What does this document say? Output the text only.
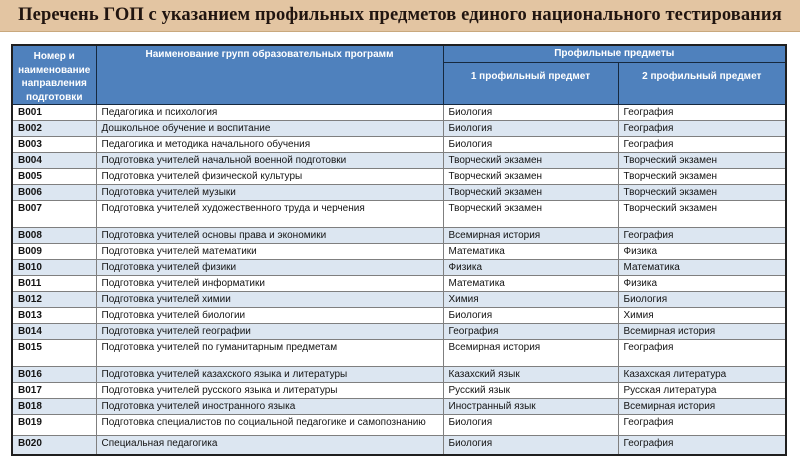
Перечень ГОП с указанием профильных предметов единого национального тестирования
Номер и наименование направления подготовки	Наименование групп образовательных программ	Профильные предметы	
		1 профильный предмет	2 профильный предмет
B001	Педагогика и психология	Биология	География
B002	Дошкольное обучение и воспитание	Биология	География
B003	Педагогика и методика начального обучения	Биология	География
B004	Подготовка учителей начальной военной подготовки	Творческий экзамен	Творческий экзамен
B005	Подготовка учителей физической культуры	Творческий экзамен	Творческий экзамен
B006	Подготовка учителей музыки	Творческий экзамен	Творческий экзамен
B007	Подготовка учителей художественного труда и черчения	Творческий экзамен	Творческий экзамен
B008	Подготовка учителей основы права и экономики	Всемирная история	География
B009	Подготовка учителей математики	Математика	Физика
B010	Подготовка учителей физики	Физика	Математика
B011	Подготовка учителей информатики	Математика	Физика
B012	Подготовка учителей химии	Химия	Биология
B013	Подготовка учителей биологии	Биология	Химия
B014	Подготовка учителей географии	География	Всемирная история
B015	Подготовка учителей по гуманитарным предметам	Всемирная история	География
B016	Подготовка учителей казахского языка и литературы	Казахский язык	Казахская литература
B017	Подготовка учителей русского языка и литературы	Русский язык	Русская литература
B018	Подготовка учителей иностранного языка	Иностранный язык	Всемирная история
B019	Подготовка специалистов по социальной педагогике и самопознанию	Биология	География
B020	Специальная педагогика	Биология	География
